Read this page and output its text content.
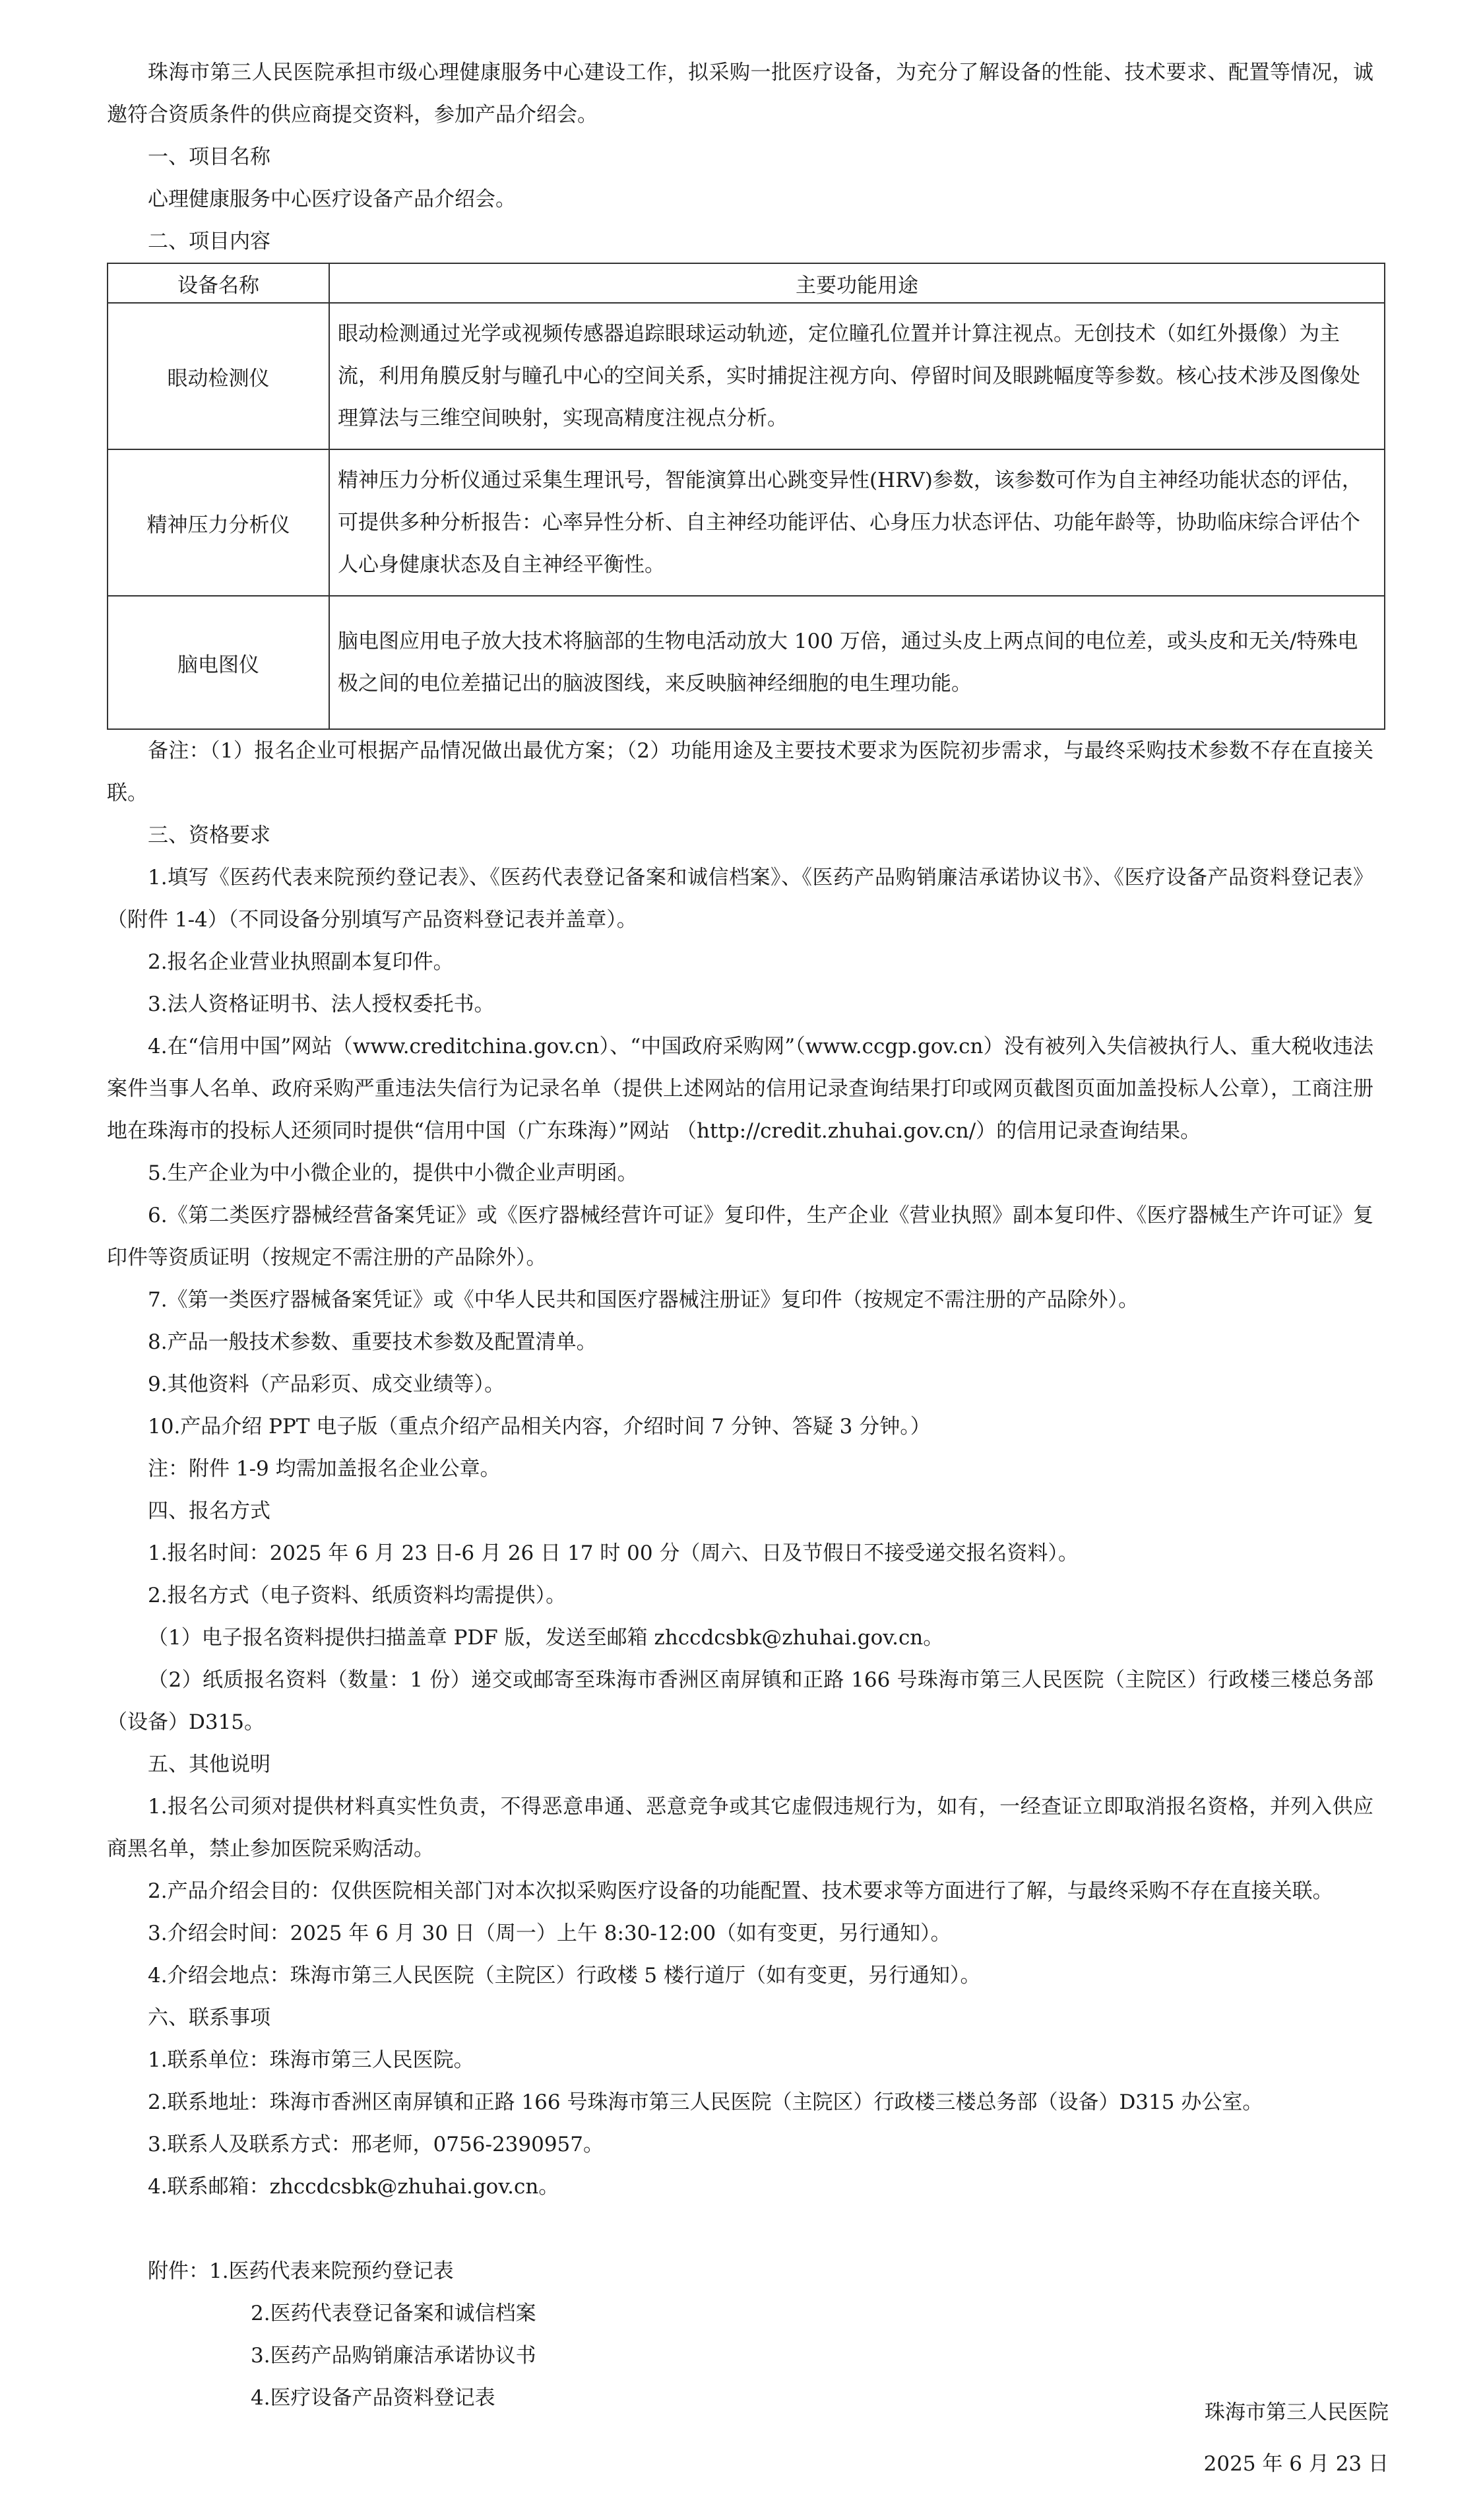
珠海市第三人民医院承担市级心理健康服务中心建设工作，拟采购一批医疗设备，为充分了解设备的性能、技术要求、配置等情况，诚邀符合资质条件的供应商提交资料，参加产品介绍会。

一、项目名称

心理健康服务中心医疗设备产品介绍会。

二、项目内容

设备名称	主要功能用途
眼动检测仪	眼动检测通过光学或视频传感器追踪眼球运动轨迹，定位瞳孔位置并计算注视点。无创技术（如红外摄像）为主流，利用角膜反射与瞳孔中心的空间关系，实时捕捉注视方向、停留时间及眼跳幅度等参数。核心技术涉及图像处理算法与三维空间映射，实现高精度注视点分析。
精神压力分析仪	精神压力分析仪通过采集生理讯号，智能演算出心跳变异性(HRV)参数，该参数可作为自主神经功能状态的评估，可提供多种分析报告：心率异性分析、自主神经功能评估、心身压力状态评估、功能年龄等，协助临床综合评估个人心身健康状态及自主神经平衡性。
脑电图仪	脑电图应用电子放大技术将脑部的生物电活动放大 100 万倍，通过头皮上两点间的电位差，或头皮和无关/特殊电极之间的电位差描记出的脑波图线，来反映脑神经细胞的电生理功能。

备注：（1）报名企业可根据产品情况做出最优方案；（2）功能用途及主要技术要求为医院初步需求，与最终采购技术参数不存在直接关联。

三、资格要求

1.填写《医药代表来院预约登记表》、《医药代表登记备案和诚信档案》、《医药产品购销廉洁承诺协议书》、《医疗设备产品资料登记表》（附件 1-4）（不同设备分别填写产品资料登记表并盖章）。

2.报名企业营业执照副本复印件。

3.法人资格证明书、法人授权委托书。

4.在“信用中国”网站（www.creditchina.gov.cn）、“中国政府采购网”（www.ccgp.gov.cn）没有被列入失信被执行人、重大税收违法案件当事人名单、政府采购严重违法失信行为记录名单（提供上述网站的信用记录查询结果打印或网页截图页面加盖投标人公章），工商注册地在珠海市的投标人还须同时提供“信用中国（广东珠海）”网站 （http://credit.zhuhai.gov.cn/）的信用记录查询结果。

5.生产企业为中小微企业的，提供中小微企业声明函。

6.《第二类医疗器械经营备案凭证》或《医疗器械经营许可证》复印件，生产企业《营业执照》副本复印件、《医疗器械生产许可证》复印件等资质证明（按规定不需注册的产品除外）。

7.《第一类医疗器械备案凭证》或《中华人民共和国医疗器械注册证》复印件（按规定不需注册的产品除外）。

8.产品一般技术参数、重要技术参数及配置清单。

9.其他资料（产品彩页、成交业绩等）。

10.产品介绍 PPT 电子版（重点介绍产品相关内容，介绍时间 7 分钟、答疑 3 分钟。）

注：附件 1-9 均需加盖报名企业公章。

四、报名方式

1.报名时间：2025 年 6 月 23 日-6 月 26 日 17 时 00 分（周六、日及节假日不接受递交报名资料）。

2.报名方式（电子资料、纸质资料均需提供）。

（1）电子报名资料提供扫描盖章 PDF 版，发送至邮箱 zhccdcsbk@zhuhai.gov.cn。

（2）纸质报名资料（数量：1 份）递交或邮寄至珠海市香洲区南屏镇和正路 166 号珠海市第三人民医院（主院区）行政楼三楼总务部（设备）D315。

五、其他说明

1.报名公司须对提供材料真实性负责，不得恶意串通、恶意竞争或其它虚假违规行为，如有，一经查证立即取消报名资格，并列入供应商黑名单，禁止参加医院采购活动。

2.产品介绍会目的：仅供医院相关部门对本次拟采购医疗设备的功能配置、技术要求等方面进行了解，与最终采购不存在直接关联。

3.介绍会时间：2025 年 6 月 30 日（周一）上午 8:30-12:00（如有变更，另行通知）。

4.介绍会地点：珠海市第三人民医院（主院区）行政楼 5 楼行道厅（如有变更，另行通知）。

六、联系事项

1.联系单位：珠海市第三人民医院。

2.联系地址：珠海市香洲区南屏镇和正路 166 号珠海市第三人民医院（主院区）行政楼三楼总务部（设备）D315 办公室。

3.联系人及联系方式：邢老师，0756-2390957。

4.联系邮箱：zhccdcsbk@zhuhai.gov.cn。

附件：1.医药代表来院预约登记表

2.医药代表登记备案和诚信档案

3.医药产品购销廉洁承诺协议书

4.医疗设备产品资料登记表

珠海市第三人民医院
2025 年 6 月 23 日
